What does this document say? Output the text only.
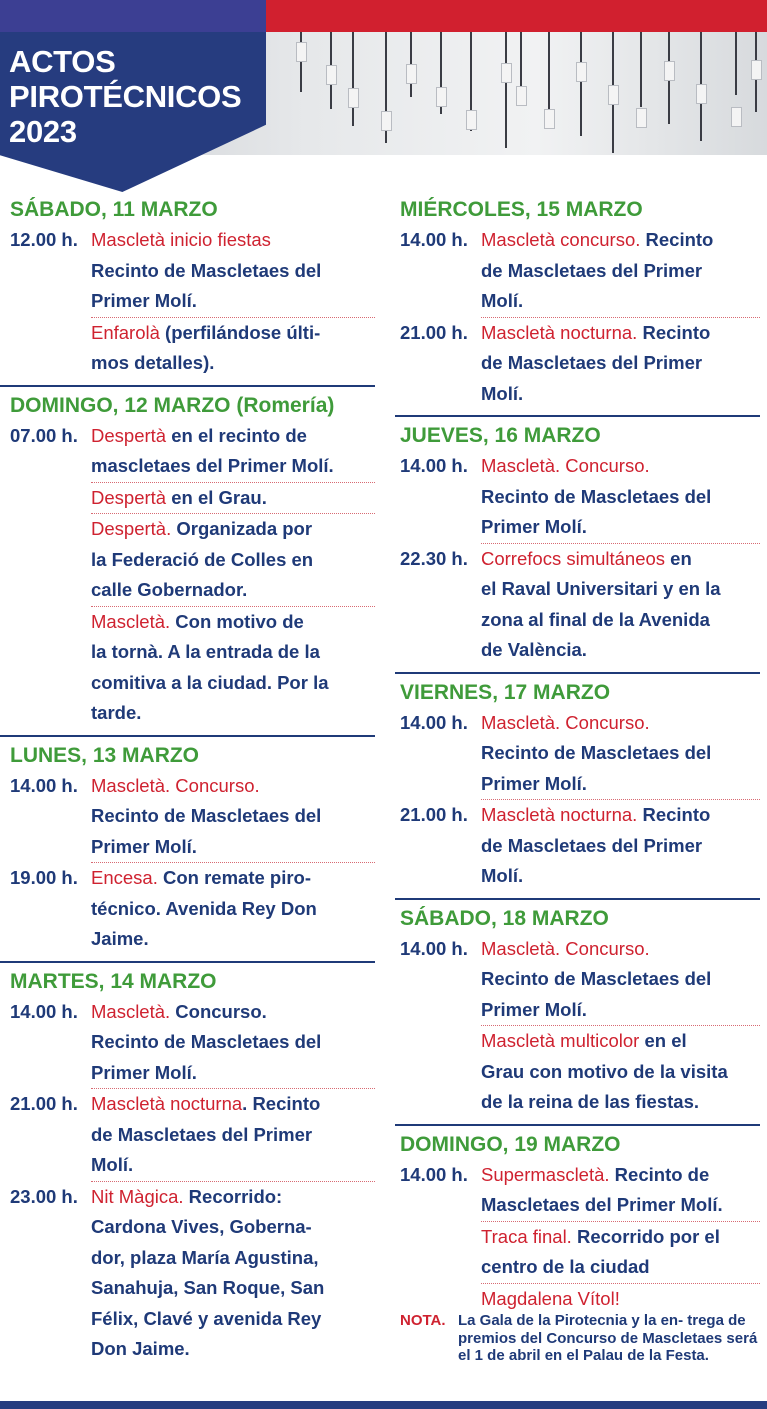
ACTOS
PIROTÉCNICOS
2023
SÁBADO, 11 MARZO
12.00 h. Mascletà inicio fiestas
Recinto de Mascletaes del
Primer Molí.
Enfarolà (perfilándose últi-
mos detalles).
DOMINGO, 12 MARZO (Romería)
07.00 h. Despertà en el recinto de
mascletaes del Primer Molí.
Despertà en el Grau.
Despertà. Organizada por
la Federació de Colles en
calle Gobernador.
Mascletà. Con motivo de
la tornà. A la entrada de la
comitiva a la ciudad. Por la
tarde.
LUNES, 13 MARZO
14.00 h. Mascletà. Concurso.
Recinto de Mascletaes del
Primer Molí.
19.00 h. Encesa. Con remate piro-
técnico. Avenida Rey Don
Jaime.
MARTES, 14 MARZO
14.00 h. Mascletà. Concurso.
Recinto de Mascletaes del
Primer Molí.
21.00 h. Mascletà nocturna. Recinto
de Mascletaes del Primer
Molí.
23.00 h. Nit Màgica. Recorrido:
Cardona Vives, Goberna-
dor, plaza María Agustina,
Sanahuja, San Roque, San
Félix, Clavé y avenida Rey
Don Jaime.
MIÉRCOLES, 15 MARZO
14.00 h. Mascletà concurso. Recinto
de Mascletaes del Primer
Molí.
21.00 h. Mascletà nocturna. Recinto
de Mascletaes del Primer
Molí.
JUEVES, 16 MARZO
14.00 h. Mascletà. Concurso.
Recinto de Mascletaes del
Primer Molí.
22.30 h. Correfocs simultáneos en
el Raval Universitari y en la
zona al final de la Avenida
de València.
VIERNES, 17 MARZO
14.00 h. Mascletà. Concurso.
Recinto de Mascletaes del
Primer Molí.
21.00 h. Mascletà nocturna. Recinto
de Mascletaes del Primer
Molí.
SÁBADO, 18 MARZO
14.00 h. Mascletà. Concurso.
Recinto de Mascletaes del
Primer Molí.
Mascletà multicolor en el
Grau con motivo de la visita
de la reina de las fiestas.
DOMINGO, 19 MARZO
14.00 h. Supermascletà. Recinto de
Mascletaes del Primer Molí.
Traca final. Recorrido por el
centro de la ciudad
Magdalena Vítol!
NOTA. La Gala de la Pirotecnia y la en- trega de premios del Concurso de Mascletaes será el 1 de abril en el Palau de la Festa.
